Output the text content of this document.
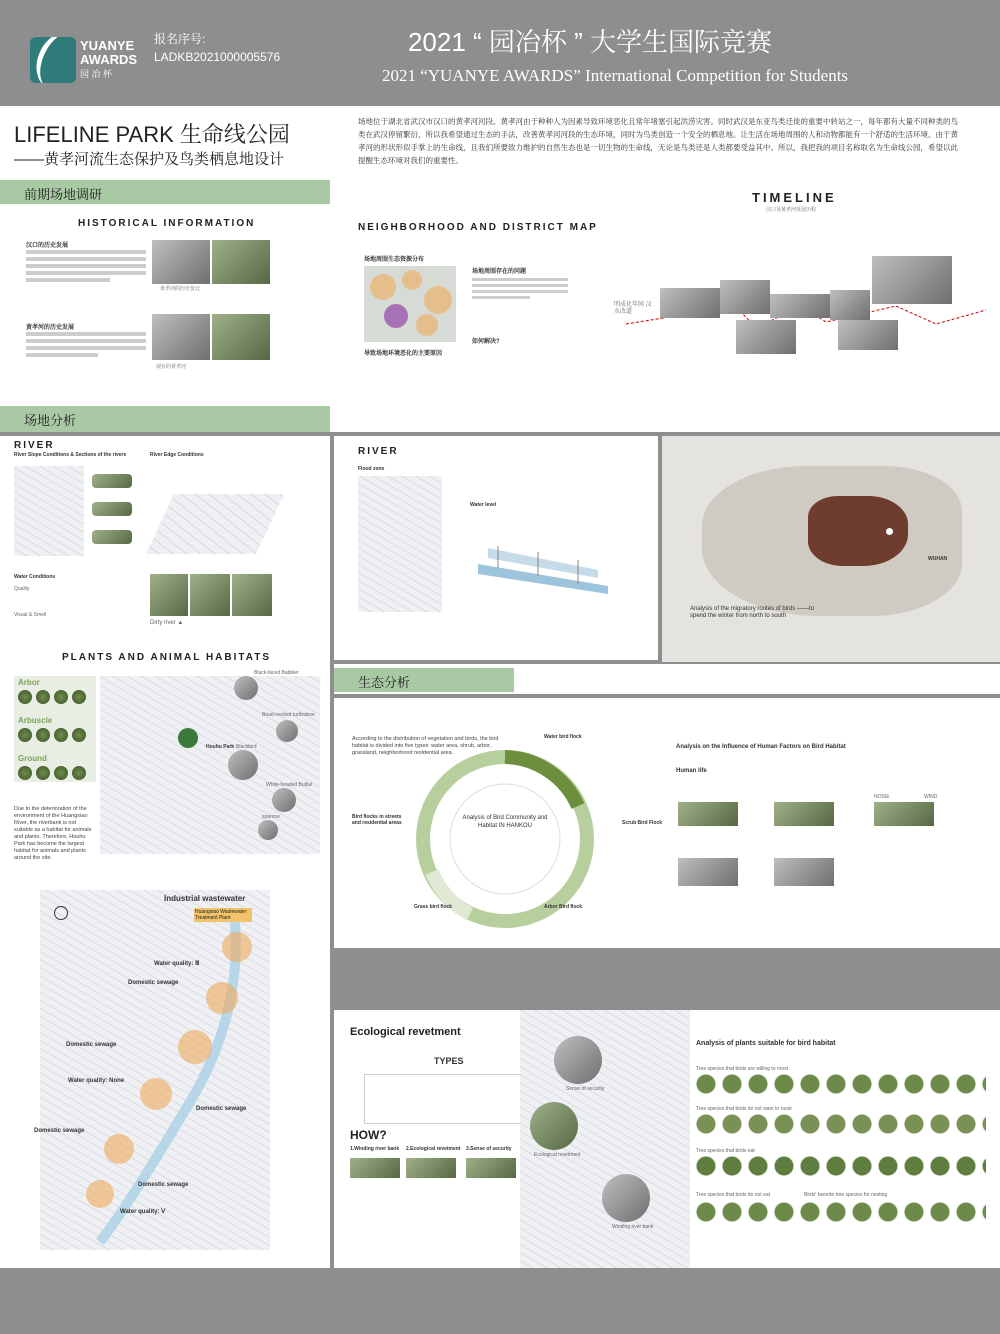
YUANYE
AWARDS
园 冶 杯
报名序号:
LADKB2021000005576	2021 “ 园冶杯 ” 大学生国际竞赛
2021 “YUANYE AWARDS” International Competition for Students
LIFELINE PARK 生命线公园
——黄孝河流生态保护及鸟类栖息地设计
场地位于湖北省武汉市汉口的黄孝河河段。黄孝河由于种种人为因素导致环境恶化且常年堵塞引起洪涝灾害。同时武汉是东亚鸟类迁徙的重要中转站之一，每年都有大量不同种类的鸟类在武汉停留繁衍，所以我希望通过生态的手法，改善黄孝河河段的生态环境，同时为鸟类创造一个安全的栖息地。让生活在场地周围的人和动物都能有一个舒适的生活环境。由于黄孝河的形状形似手掌上的生命线，且我们所要致力维护的自然生态也是一切生物的生命线，无论是鸟类还是人类都要受益其中。所以，我把我的项目名称取名为生命线公园，希望以此提醒生态环境对我们的重要性。
前期场地调研
HISTORICAL INFORMATION
汉口的历史发展
黄孝河的历史变迁
黄孝河的历史发展
现在的黄孝河
NEIGHBORHOOD AND DISTRICT MAP
场地周围生态资源分布
导致场地环境恶化的主要原因
场地周围存在的问题
如何解决?
TIMELINE
汉口及黄孝河发展历程
明成化年间 汉水改道
场地分析
RIVER
River Slope Conditions & Sections of the rivers	River Edge Conditions
Water Conditions
Quality
Visual & Smell
Dirty river ▲
RIVER
Flood zone
Water level
WUHAN
Analysis of the migratory routes of birds ——to spend the winter from north to south
PLANTS AND ANIMAL HABITATS
Arbor
Arbuscle
Ground
Due to the deterioration of the environment of the Huangxiao River, the riverbank is not suitable as a habitat for animals and plants. Therefore, Houhu Park has become the largest habitat for animals and plants around the site.
Houhu Park
Black-faced Babbler
Bead-necked turtledove
Blackbird
White-headed Bulbul
sparrow
生态分析
According to the distribution of vegetation and birds, the bird habitat is divided into five types: water area, shrub, arbor, grassland, neighborhood residential area.
Analysis of Bird Community and Habitat IN HANKOU
Water bird flock
Scrub Bird Flock
Arbor Bird flock
Grass bird flock
Bird flocks in streets and residential areas
Analysis on the Influence of Human Factors on Bird Habitat
Human life
NOISE	WIND
Industrial wastewater
Huangxiao Wastewater Treatment Plant
Water quality: Ⅲ
Domestic sewage
Domestic sewage
Water quality: None
Domestic sewage
Domestic sewage
Domestic sewage
Water quality: Ⅴ
Ecological revetment
TYPES
HOW?
1.Winding river bank 2.Ecological revetment 3.Sense of security
Sense of security
Ecological revetment
Winding river bank
Analysis of plants suitable for bird habitat
Tree species that birds are willing to roost
Tree species that birds do not want to roost
Tree species that birds eat
Tree species that birds do not eat	Birds' favorite tree species for nesting
